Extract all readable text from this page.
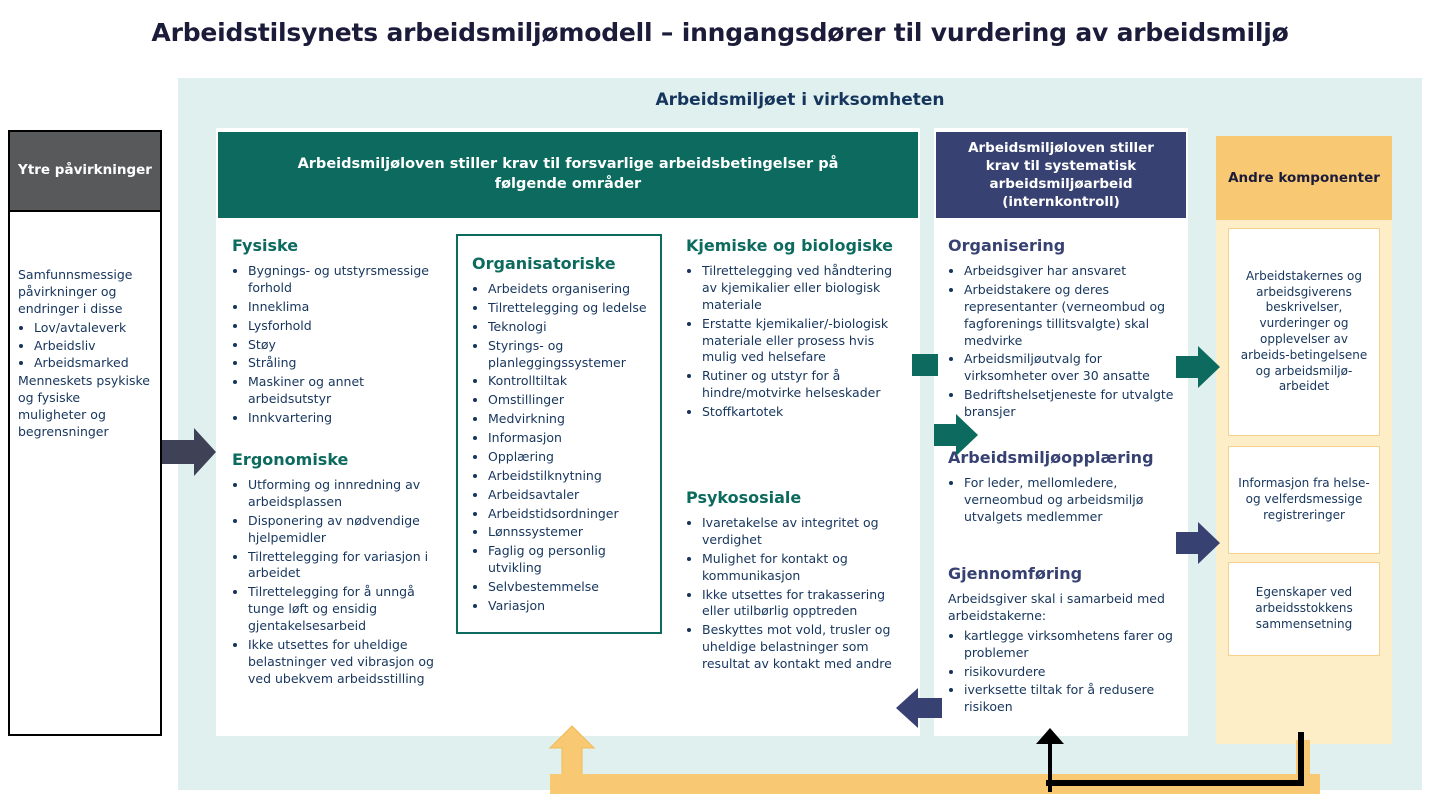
Arbeidstilsynets arbeidsmiljømodell – inngangsdører til vurdering av arbeidsmiljø
Arbeidsmiljøet i virksomheten
Ytre påvirkninger

Samfunnsmessige påvirkninger og endringer i disse

• Lov/avtaleverk
• Arbeidsliv
• Arbeidsmarked

Menneskets psykiske og fysiske muligheter og begrensninger

Arbeidsmiljøloven stiller krav til forsvarlige arbeidsbetingelser på følgende områder
Fysiske
• Bygnings- og utstyrsmessige forhold
• Inneklima
• Lysforhold
• Støy
• Stråling
• Maskiner og annet arbeidsutstyr
• Innkvartering
Ergonomiske
• Utforming og innredning av arbeidsplassen
• Disponering av nødvendige hjelpemidler
• Tilrettelegging for variasjon i arbeidet
• Tilrettelegging for å unngå tunge løft og ensidig gjentakelsesarbeid
• Ikke utsettes for uheldige belastninger ved vibrasjon og ved ubekvem arbeidsstilling
Organisatoriske
• Arbeidets organisering
• Tilrettelegging og ledelse
• Teknologi
• Styrings- og planleggingssystemer
• Kontrolltiltak
• Omstillinger
• Medvirkning
• Informasjon
• Opplæring
• Arbeidstilknytning
• Arbeidsavtaler
• Arbeidstidsordninger
• Lønnssystemer
• Faglig og personlig utvikling
• Selvbestemmelse
• Variasjon
Kjemiske og biologiske
• Tilrettelegging ved håndtering av kjemikalier eller biologisk materiale
• Erstatte kjemikalier/-biologisk materiale eller prosess hvis mulig ved helsefare
• Rutiner og utstyr for å hindre/motvirke helseskader
• Stoffkartotek
Psykososiale
• Ivaretakelse av integritet og verdighet
• Mulighet for kontakt og kommunikasjon
• Ikke utsettes for trakassering eller utilbørlig opptreden
• Beskyttes mot vold, trusler og uheldige belastninger som resultat av kontakt med andre
Arbeidsmiljøloven stiller krav til systematisk arbeidsmiljøarbeid (internkontroll)
Organisering
• Arbeidsgiver har ansvaret
• Arbeidstakere og deres representanter (verneombud og fagforenings tillitsvalgte) skal medvirke
• Arbeidsmiljøutvalg for virksomheter over 30 ansatte
• Bedriftshelsetjeneste for utvalgte bransjer
Arbeidsmiljøopplæring
• For leder, mellomledere, verneombud og arbeidsmiljø utvalgets medlemmer
Gjennomføring

Arbeidsgiver skal i samarbeid med arbeidstakerne:

• kartlegge virksomhetens farer og problemer
• risikovurdere
• iverksette tiltak for å redusere risikoen
Andre komponenter
Arbeidstakernes og arbeidsgiverens beskrivelser, vurderinger og opplevelser av arbeids-betingelsene og arbeidsmiljø-arbeidet
Informasjon fra helse- og velferdsmessige registreringer
Egenskaper ved arbeidsstokkens sammensetning
